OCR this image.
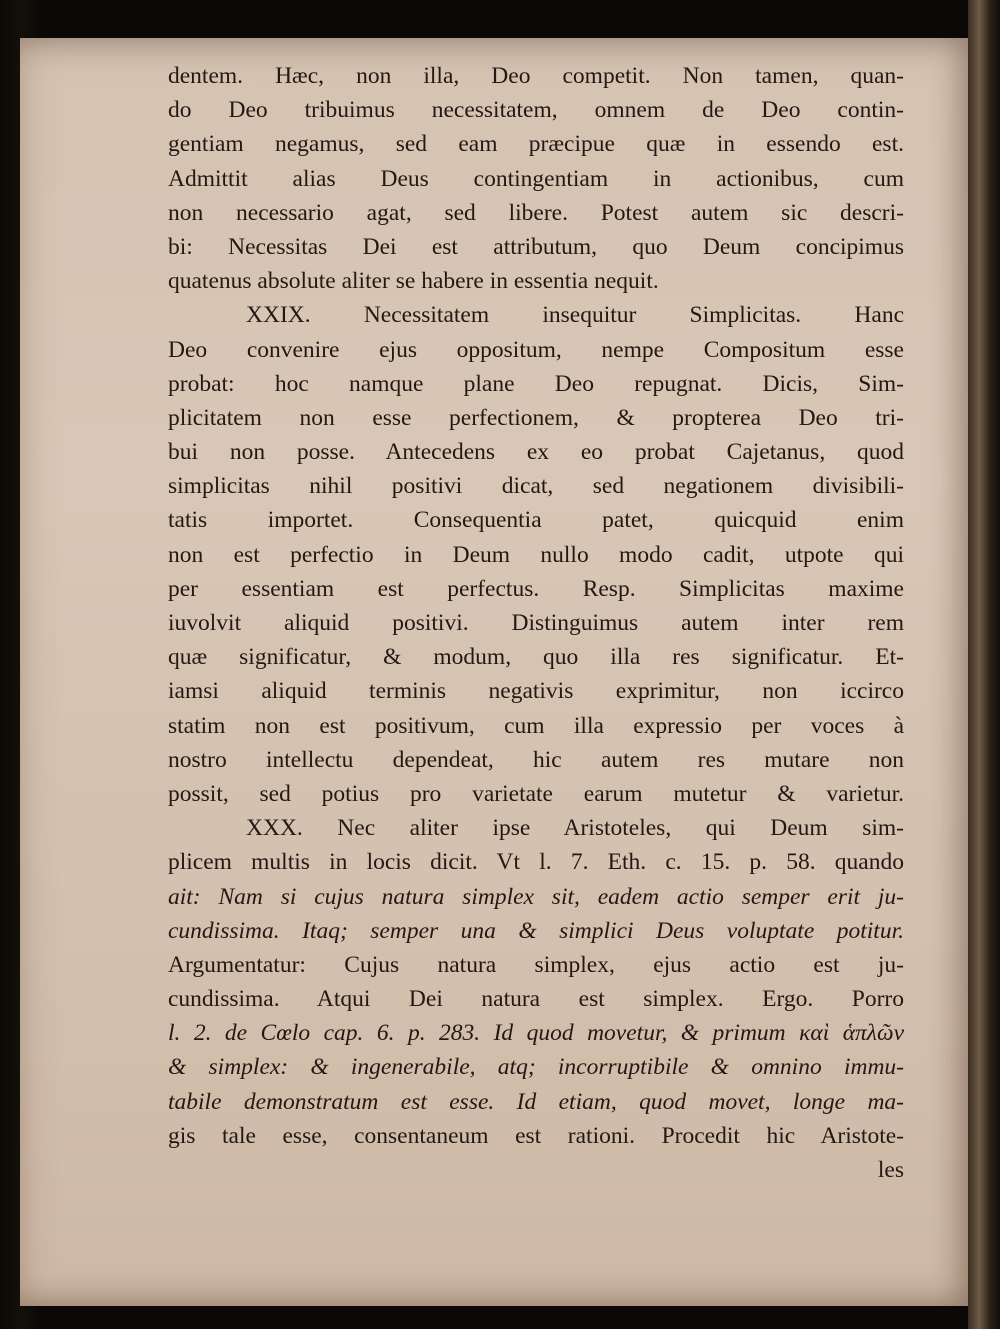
dentem. Hæc, non illa, Deo competit. Non tamen, quan-
do Deo tribuimus necessitatem, omnem de Deo contin-
gentiam negamus, sed eam præcipue quæ in essendo est.
Admittit alias Deus contingentiam in actionibus, cum
non necessario agat, sed libere. Potest autem sic descri-
bi: Necessitas Dei est attributum, quo Deum concipimus
quatenus absolute aliter se habere in essentia nequit.
XXIX. Necessitatem insequitur Simplicitas. Hanc
Deo convenire ejus oppositum, nempe Compositum esse
probat: hoc namque plane Deo repugnat. Dicis, Sim-
plicitatem non esse perfectionem, & propterea Deo tri-
bui non posse. Antecedens ex eo probat Cajetanus, quod
simplicitas nihil positivi dicat, sed negationem divisibili-
tatis importet. Consequentia patet, quicquid enim
non est perfectio in Deum nullo modo cadit, utpote qui
per essentiam est perfectus. Resp. Simplicitas maxime
iuvolvit aliquid positivi. Distinguimus autem inter rem
quæ significatur, & modum, quo illa res significatur. Et-
iamsi aliquid terminis negativis exprimitur, non iccirco
statim non est positivum, cum illa expressio per voces à
nostro intellectu dependeat, hic autem res mutare non
possit, sed potius pro varietate earum mutetur & varietur.
XXX. Nec aliter ipse Aristoteles, qui Deum sim-
plicem multis in locis dicit. Vt l. 7. Eth. c. 15. p. 58. quando
ait: Nam si cujus natura simplex sit, eadem actio semper erit ju-
cundissima. Itaq; semper una & simplici Deus voluptate potitur.
Argumentatur: Cujus natura simplex, ejus actio est ju-
cundissima. Atqui Dei natura est simplex. Ergo. Porro
l. 2. de Cœlo cap. 6. p. 283. Id quod movetur, & primum καὶ ἁπλῶν
& simplex: & ingenerabile, atq; incorruptibile & omnino immu-
tabile demonstratum est esse. Id etiam, quod movet, longe ma-
gis tale esse, consentaneum est rationi. Procedit hic Aristote-
les
